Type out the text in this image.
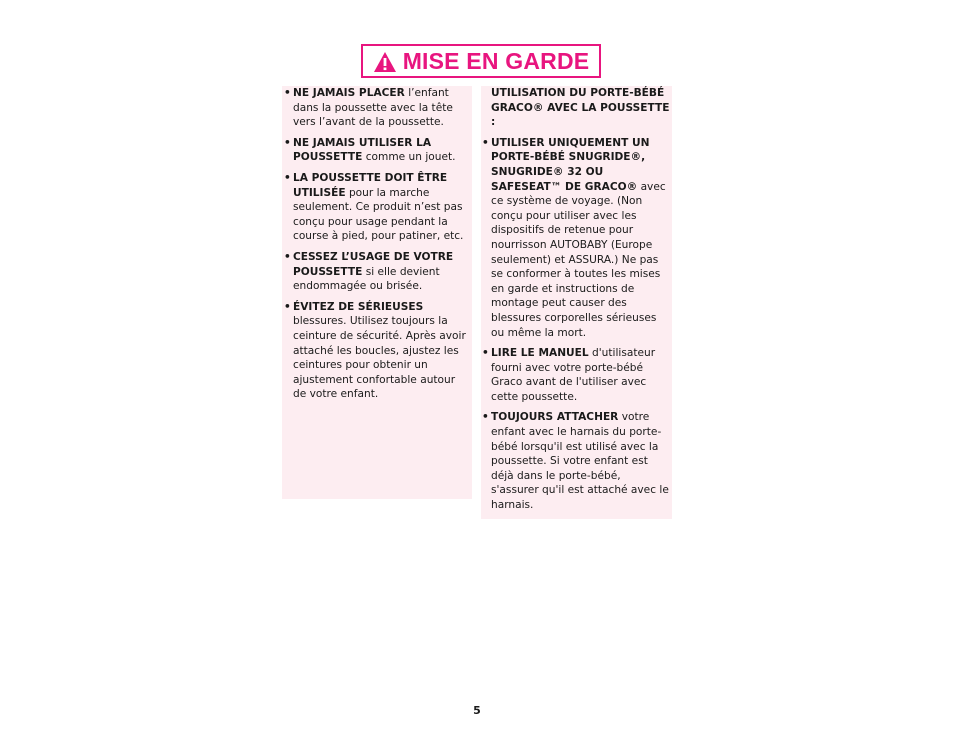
MISE EN GARDE
• NE JAMAIS PLACER l’enfant dans la poussette avec la tête vers l’avant de la poussette.
• NE JAMAIS UTILISER LA POUSSETTE comme un jouet.
• LA POUSSETTE DOIT ÊTRE UTILISÉE pour la marche seulement. Ce produit n’est pas conçu pour usage pendant la course à pied, pour patiner, etc.
• CESSEZ L’USAGE DE VOTRE POUSSETTE si elle devient endommagée ou brisée.
• ÉVITEZ DE SÉRIEUSES blessures. Utilisez toujours la ceinture de sécurité. Après avoir attaché les boucles, ajustez les ceintures pour obtenir un ajustement confortable autour de votre enfant.
UTILISATION DU PORTE-BÉBÉ GRACO® AVEC LA POUSSETTE :
• UTILISER UNIQUEMENT UN PORTE-BÉBÉ SNUGRIDE®, SNUGRIDE® 32 OU SAFESEAT™ DE GRACO® avec ce système de voyage. (Non conçu pour utiliser avec les dispositifs de retenue pour nourrisson AUTOBABY (Europe seulement) et ASSURA.) Ne pas se conformer à toutes les mises en garde et instructions de montage peut causer des blessures corporelles sérieuses ou même la mort.
• LIRE LE MANUEL d'utilisateur fourni avec votre porte-bébé Graco avant de l'utiliser avec cette poussette.
• TOUJOURS ATTACHER votre enfant avec le harnais du porte-bébé lorsqu'il est utilisé avec la poussette. Si votre enfant est déjà dans le porte-bébé, s'assurer qu'il est attaché avec le harnais.
5
